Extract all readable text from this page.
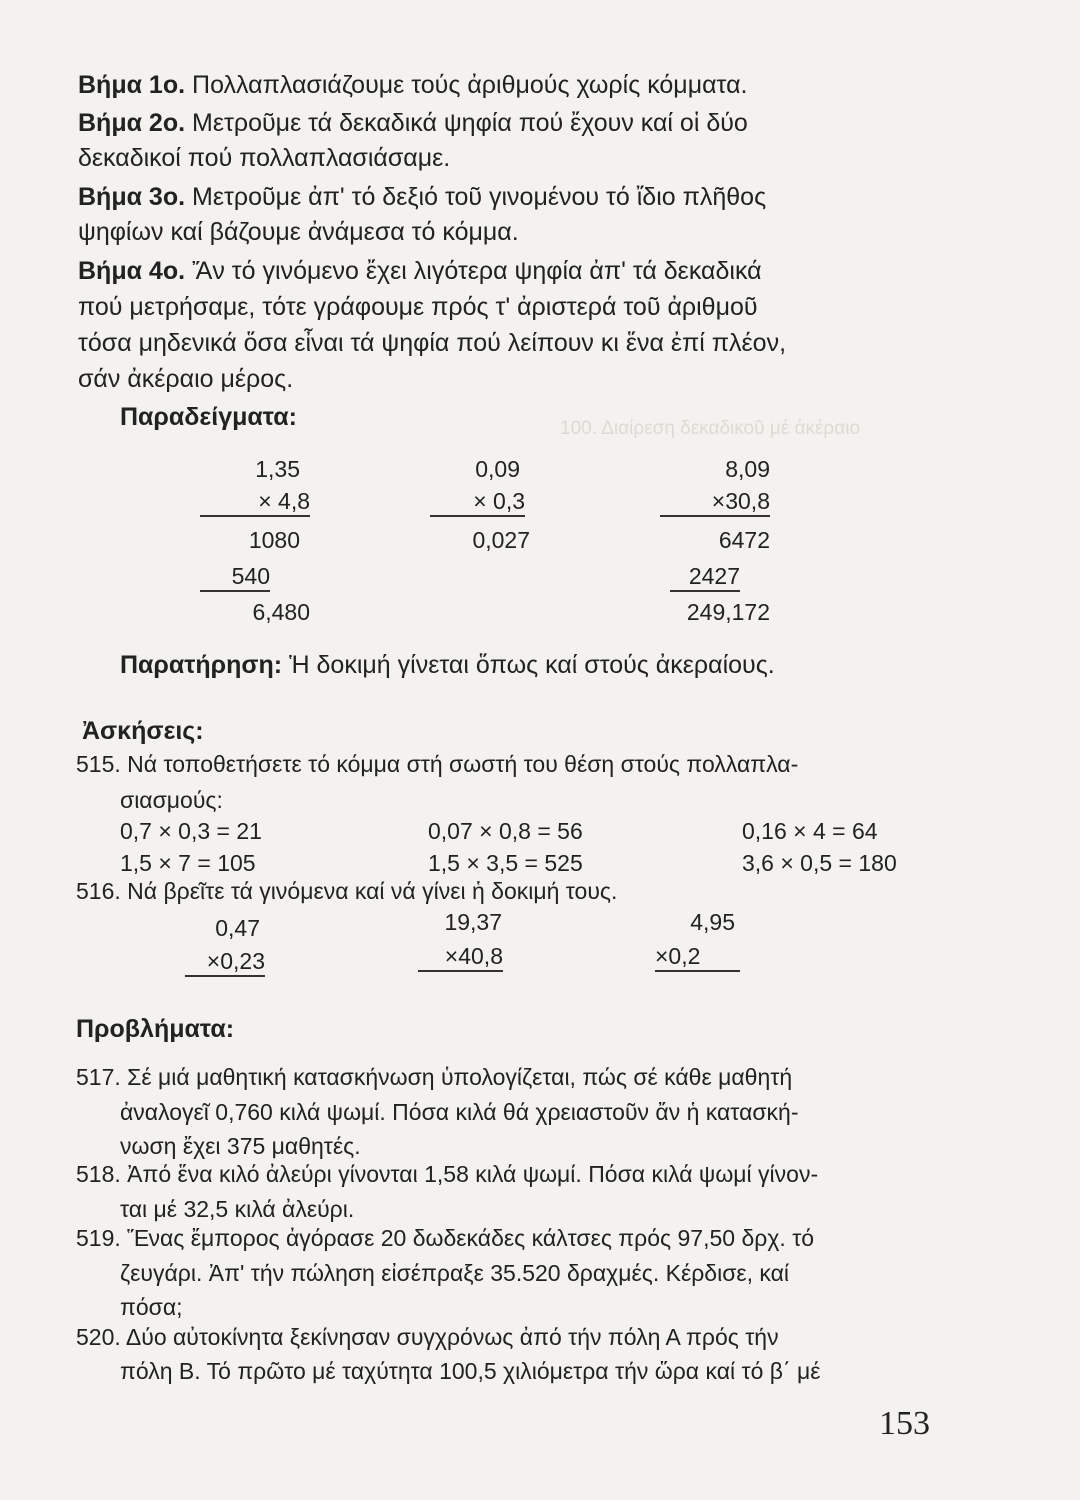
100. Διαίρεση δεκαδικοῦ μέ ἀκέραιο
Βήμα 1ο. Πολλαπλασιάζουμε τούς ἀριθμούς χωρίς κόμματα.
Βήμα 2ο. Μετροῦμε τά δεκαδικά ψηφία πού ἔχουν καί οἱ δύο
δεκαδικοί πού πολλαπλασιάσαμε.
Βήμα 3ο. Μετροῦμε ἀπ' τό δεξιό τοῦ γινομένου τό ἴδιο πλῆθος
ψηφίων καί βάζουμε ἀνάμεσα τό κόμμα.
Βήμα 4ο. Ἄν τό γινόμενο ἔχει λιγότερα ψηφία ἀπ' τά δεκαδικά
πού μετρήσαμε, τότε γράφουμε πρός τ' ἀριστερά τοῦ ἀριθμοῦ
τόσα μηδενικά ὅσα εἶναι τά ψηφία πού λείπουν κι ἕνα ἐπί πλέον,
σάν ἀκέραιο μέρος.
Παραδείγματα:
1,35
× 4,8
1080
540
6,480
0,09
× 0,3
0,027
8,09
×30,8
6472
2427
249,172
Παρατήρηση: Ἡ δοκιμή γίνεται ὅπως καί στούς ἀκεραίους.
Ἀσκήσεις:
515. Νά τοποθετήσετε τό κόμμα στή σωστή του θέση στούς πολλαπλα-
σιασμούς:
0,7 × 0,3 = 21	0,07 × 0,8 = 56	0,16 × 4 = 64
1,5 × 7 = 105	1,5 × 3,5 = 525	3,6 × 0,5 = 180
516. Νά βρεῖτε τά γινόμενα καί νά γίνει ἡ δοκιμή τους.
0,47
×0,23
19,37
×40,8
4,95
×0,2
Προβλήματα:
517. Σέ μιά μαθητική κατασκήνωση ὑπολογίζεται, πώς σέ κάθε μαθητή
ἀναλογεῖ 0,760 κιλά ψωμί. Πόσα κιλά θά χρειαστοῦν ἄν ἡ κατασκή-
νωση ἔχει 375 μαθητές.
518. Ἀπό ἕνα κιλό ἀλεύρι γίνονται 1,58 κιλά ψωμί. Πόσα κιλά ψωμί γίνον-
ται μέ 32,5 κιλά ἀλεύρι.
519. Ἕνας ἔμπορος ἀγόρασε 20 δωδεκάδες κάλτσες πρός 97,50 δρχ. τό
ζευγάρι. Ἀπ' τήν πώληση εἰσέπραξε 35.520 δραχμές. Κέρδισε, καί
πόσα;
520. Δύο αὐτοκίνητα ξεκίνησαν συγχρόνως ἀπό τήν πόλη Α πρός τήν
πόλη Β. Τό πρῶτο μέ ταχύτητα 100,5 χιλιόμετρα τήν ὥρα καί τό β΄ μέ
153
